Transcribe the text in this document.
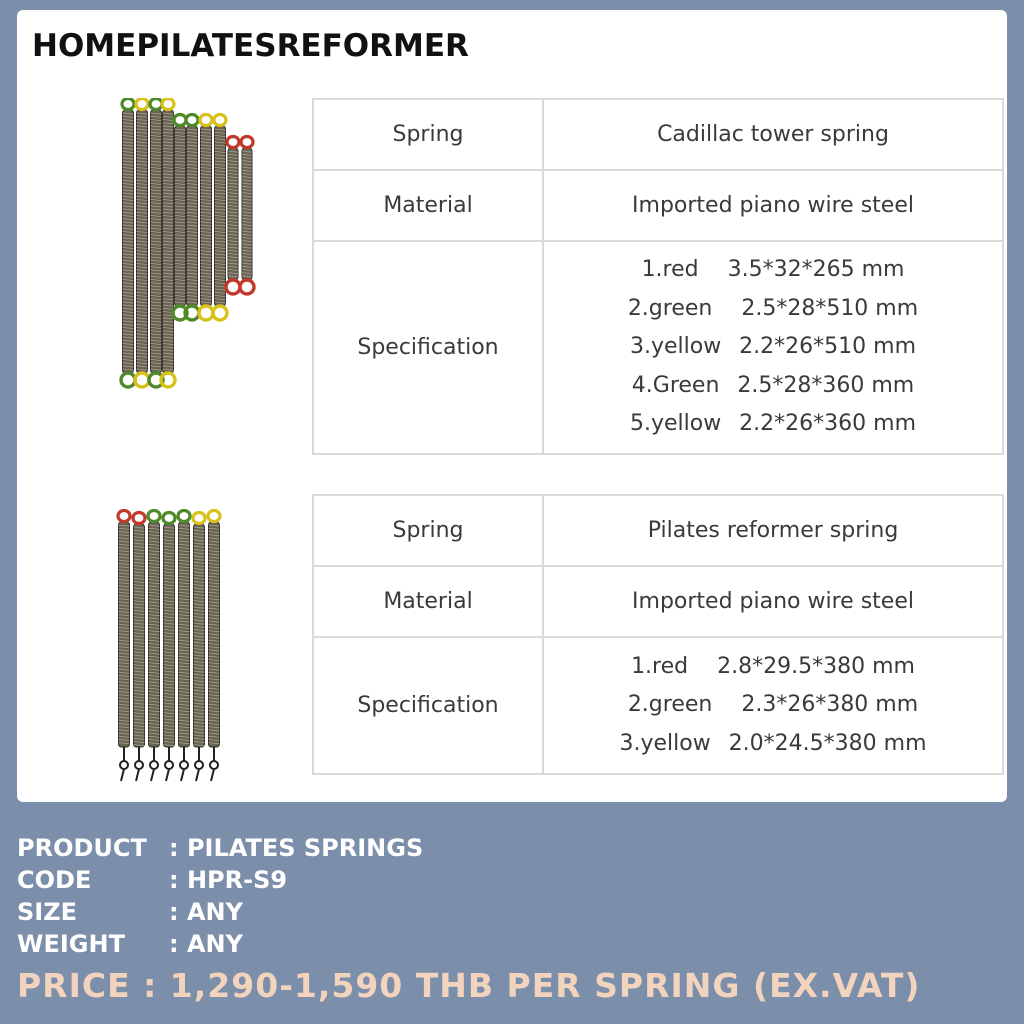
HOMEPILATESREFORMER
Spring	Cadillac tower spring
Material	Imported piano wire steel
Specification	1.red   3.5*32*265 mm
2.green   2.5*28*510 mm
3.yellow  2.2*26*510 mm
4.Green  2.5*28*360 mm
5.yellow  2.2*26*360 mm
Spring	Pilates reformer spring
Material	Imported piano wire steel
Specification	1.red   2.8*29.5*380 mm
2.green   2.3*26*380 mm
3.yellow  2.0*24.5*380 mm
PRODUCT : PILATES SPRINGS
CODE	: HPR-S9
SIZE	: ANY
WEIGHT : ANY
PRICE : 1,290-1,590 THB PER SPRING (EX.VAT)
